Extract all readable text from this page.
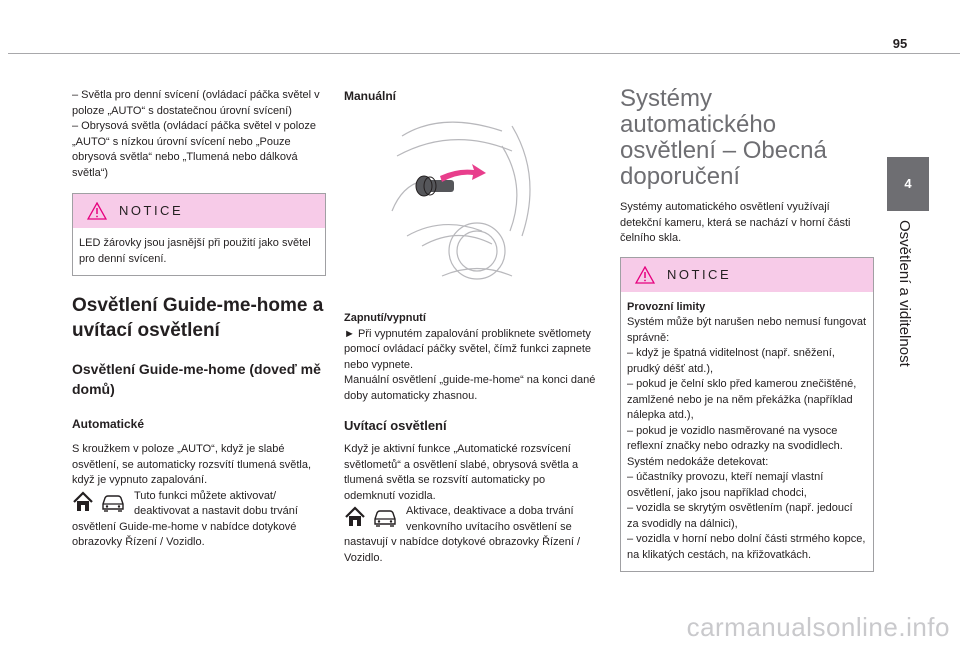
95
4
Osvětlení a viditelnost
– Světla pro denní svícení (ovládací páčka světel v poloze „AUTO“ s dostatečnou úrovní svícení)
– Obrysová světla (ovládací páčka světel v poloze „AUTO“ s nízkou úrovní svícení nebo „Pouze obrysová světla“ nebo „Tlumená nebo dálková světla“)
NOTICE
LED žárovky jsou jasnější při použití jako světel pro denní svícení.
Osvětlení Guide-me-home a uvítací osvětlení
Osvětlení Guide-me-home (doveď mě domů)
Automatické
S kroužkem v poloze „AUTO“, když je slabé osvětlení, se automaticky rozsvítí tlumená světla, když je vypnuto zapalování.
Tuto funkci můžete aktivovat/ deaktivovat a nastavit dobu trvání osvětlení Guide-me-home v nabídce dotykové obrazovky Řízení / Vozidlo.
Manuální
Zapnutí/vypnutí
► Při vypnutém zapalování probliknete světlomety pomocí ovládací páčky světel, čímž funkci zapnete nebo vypnete.
Manuální osvětlení „guide-me-home“ na konci dané doby automaticky zhasnou.
Uvítací osvětlení
Když je aktivní funkce „Automatické rozsvícení světlometů“ a osvětlení slabé, obrysová světla a tlumená světla se rozsvítí automaticky po odemknutí vozidla.
Aktivace, deaktivace a doba trvání venkovního uvítacího osvětlení se nastavují v nabídce dotykové obrazovky Řízení / Vozidlo.
Systémy automatického osvětlení – Obecná doporučení
Systémy automatického osvětlení využívají detekční kameru, která se nachází v horní části čelního skla.
NOTICE
Provozní limity
Systém může být narušen nebo nemusí fungovat správně:
– když je špatná viditelnost (např. sněžení, prudký déšť atd.),
– pokud je čelní sklo před kamerou znečištěné, zamlžené nebo je na něm překážka (například nálepka atd.),
– pokud je vozidlo nasměrované na vysoce reflexní značky nebo odrazky na svodidlech.
Systém nedokáže detekovat:
– účastníky provozu, kteří nemají vlastní osvětlení, jako jsou například chodci,
– vozidla se skrytým osvětlením (např. jedoucí za svodidly na dálnici),
– vozidla v horní nebo dolní části strmého kopce, na klikatých cestách, na křižovatkách.
carmanualsonline.info
